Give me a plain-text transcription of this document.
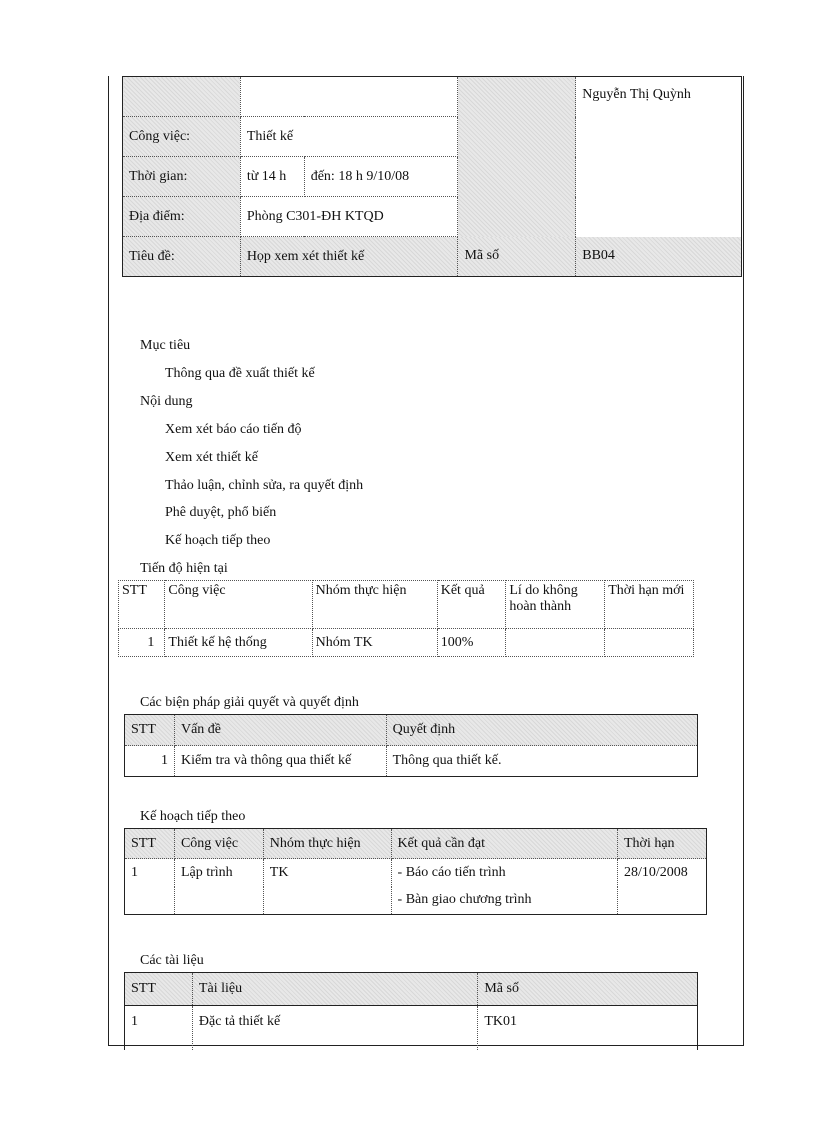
				Nguyễn Thị Quỳnh
Công việc:	Thiết kế			
Thời gian:	từ 14 h	đến: 18 h 9/10/08		
Địa điểm:	Phòng C301-ĐH KTQD			
Tiêu đề:	Họp xem xét thiết kế		Mã số	BB04
Mục tiêu
Thông qua đề xuất thiết kế
Nội dung
Xem xét báo cáo tiến độ
Xem xét thiết kế
Thảo luận, chỉnh sửa, ra quyết định
Phê duyệt, phổ biến
Kế hoạch tiếp theo
Tiến độ hiện tại
STT	Công việc	Nhóm thực hiện	Kết quả	Lí do không hoàn thành	Thời hạn mới
1	Thiết kế hệ thống	Nhóm TK	100%		
Các biện pháp giải quyết và quyết định
STT	Vấn đề	Quyết định
1	Kiểm tra và thông qua thiết kế	Thông qua thiết kế.
Kế hoạch tiếp theo
STT	Công việc	Nhóm thực hiện	Kết quả cần đạt	Thời hạn
1	Lập trình	TK	- Báo cáo tiến trình	28/10/2008
			- Bàn giao chương trình	
Các tài liệu
STT	Tài liệu	Mã số
1	Đặc tả thiết kế	TK01
